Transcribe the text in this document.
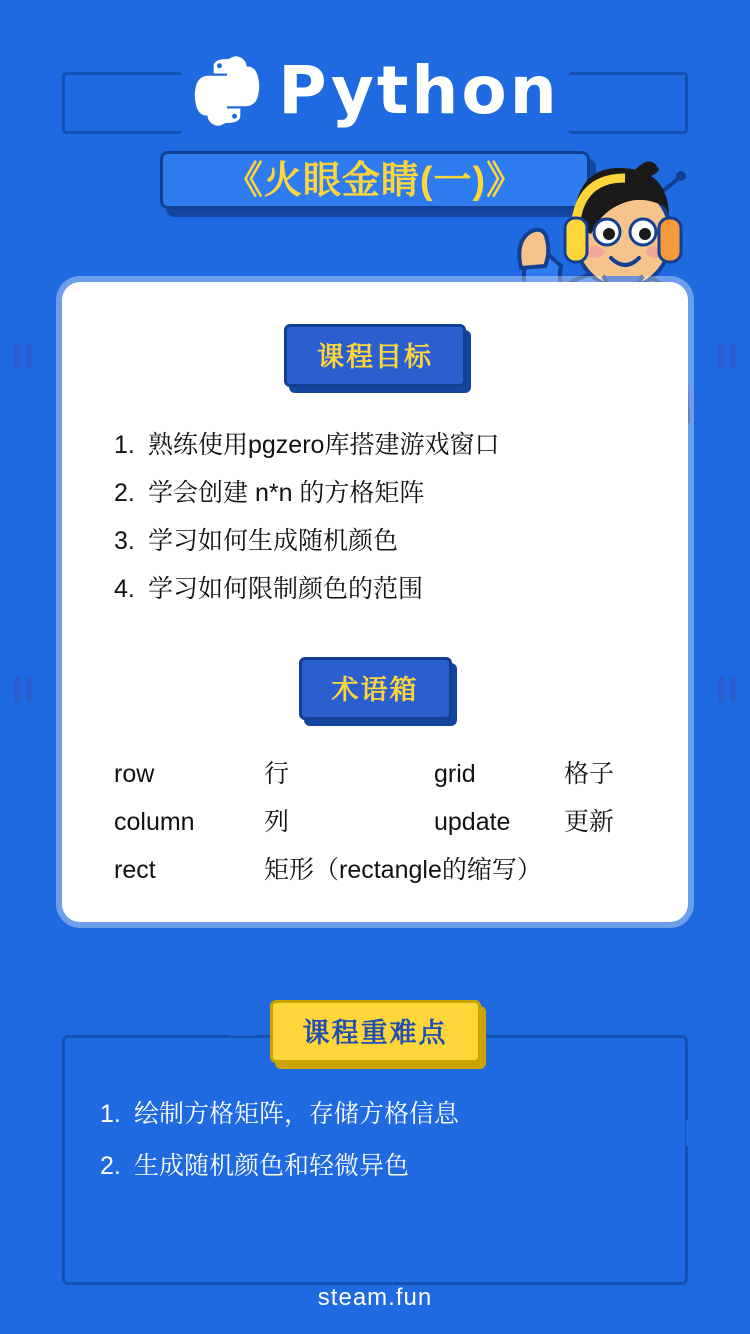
Python
《火眼金睛(一)》
课程目标
1. 熟练使用pgzero库搭建游戏窗口
2. 学会创建 n*n 的方格矩阵
3. 学习如何生成随机颜色
4. 学习如何限制颜色的范围
术语箱
row	行	grid	格子
column	列	update	更新
rect	矩形（rectangle的缩写）
课程重难点
1. 绘制方格矩阵，存储方格信息
2. 生成随机颜色和轻微异色
steam.fun
